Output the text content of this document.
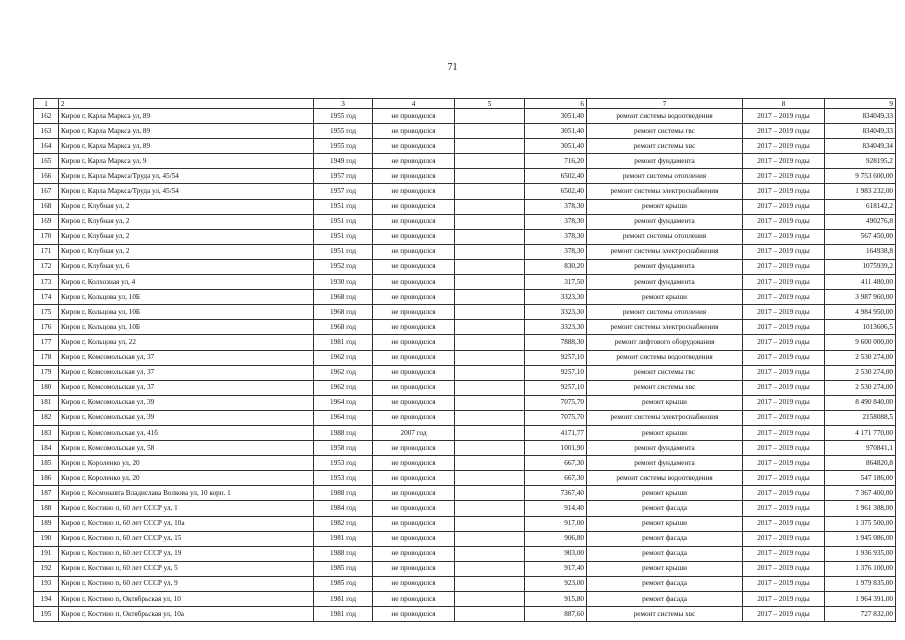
71
1	2	3	4	5	6	7	8	9
162	Киров г, Карла Маркса ул, 89	1955 год	не проводился		3051,40	ремонт системы водоотведения	2017 – 2019 годы	834049,33
163	Киров г, Карла Маркса ул, 89	1955 год	не проводился		3051,40	ремонт системы гвс	2017 – 2019 годы	834049,33
164	Киров г, Карла Маркса ул, 89	1955 год	не проводился		3051,40	ремонт системы хвс	2017 – 2019 годы	834049,34
165	Киров г, Карла Маркса ул, 9	1949 год	не проводился		716,20	ремонт фундамента	2017 – 2019 годы	928195,2
166	Киров г, Карла Маркса/Труда ул, 45/54	1957 год	не проводился		6502,40	ремонт системы отопления	2017 – 2019 годы	9 753 600,00
167	Киров г, Карла Маркса/Труда ул, 45/54	1957 год	не проводился		6502,40	ремонт системы электроснабжения	2017 – 2019 годы	1 983 232,00
168	Киров г, Клубная ул, 2	1951 год	не проводился		378,30	ремонт крыши	2017 – 2019 годы	618142,2
169	Киров г, Клубная ул, 2	1951 год	не проводился		378,30	ремонт фундамента	2017 – 2019 годы	490276,8
170	Киров г, Клубная ул, 2	1951 год	не проводился		378,30	ремонт системы отопления	2017 – 2019 годы	567 450,00
171	Киров г, Клубная ул, 2	1951 год	не проводился		378,30	ремонт системы электроснабжения	2017 – 2019 годы	164938,8
172	Киров г, Клубная ул, 6	1952 год	не проводился		830,20	ремонт фундамента	2017 – 2019 годы	1075939,2
173	Киров г, Колхозная ул, 4	1930 год	не проводился		317,50	ремонт фундамента	2017 – 2019 годы	411 480,00
174	Киров г, Кольцова ул, 10Б	1968 год	не проводился		3323,30	ремонт крыши	2017 – 2019 годы	3 987 960,00
175	Киров г, Кольцова ул, 10Б	1968 год	не проводился		3323,30	ремонт системы отопления	2017 – 2019 годы	4 984 950,00
176	Киров г, Кольцова ул, 10Б	1968 год	не проводился		3323,30	ремонт системы электроснабжения	2017 – 2019 годы	1013606,5
177	Киров г, Кольцова ул, 22	1981 год	не проводился		7888,30	ремонт лифтового оборудования	2017 – 2019 годы	9 600 000,00
178	Киров г, Комсомольская ул, 37	1962 год	не проводился		9257,10	ремонт системы водоотведения	2017 – 2019 годы	2 530 274,00
179	Киров г, Комсомольская ул, 37	1962 год	не проводился		9257,10	ремонт системы гвс	2017 – 2019 годы	2 530 274,00
180	Киров г, Комсомольская ул, 37	1962 год	не проводился		9257,10	ремонт системы хвс	2017 – 2019 годы	2 530 274,00
181	Киров г, Комсомольская ул, 39	1964 год	не проводился		7075,70	ремонт крыши	2017 – 2019 годы	8 490 840,00
182	Киров г, Комсомольская ул, 39	1964 год	не проводился		7075,70	ремонт системы электроснабжения	2017 – 2019 годы	2158088,5
183	Киров г, Комсомольская ул, 41б	1988 год	2007 год		4171,77	ремонт крыши	2017 – 2019 годы	4 171 770,00
184	Киров г, Комсомольская ул, 58	1958 год	не проводился		1001,90	ремонт фундамента	2017 – 2019 годы	970841,1
185	Киров г, Короленко ул, 20	1953 год	не проводился		667,30	ремонт фундамента	2017 – 2019 годы	864820,8
186	Киров г, Короленко ул, 20	1953 год	не проводился		667,30	ремонт системы водоотведения	2017 – 2019 годы	547 186,00
187	Киров г, Космонавта Владислава Волкова ул, 10 корп. 1	1988 год	не проводился		7367,40	ремонт крыши	2017 – 2019 годы	7 367 400,00
188	Киров г, Костино п, 60 лет СССР ул, 1	1984 год	не проводился		914,40	ремонт фасада	2017 – 2019 годы	1 961 388,00
189	Киров г, Костино п, 60 лет СССР ул, 10а	1982 год	не проводился		917,00	ремонт крыши	2017 – 2019 годы	1 375 500,00
190	Киров г, Костино п, 60 лет СССР ул, 15	1981 год	не проводился		906,80	ремонт фасада	2017 – 2019 годы	1 945 086,00
191	Киров г, Костино п, 60 лет СССР ул, 19	1988 год	не проводился		903,00	ремонт фасада	2017 – 2019 годы	1 936 935,00
192	Киров г, Костино п, 60 лет СССР ул, 5	1985 год	не проводился		917,40	ремонт крыши	2017 – 2019 годы	1 376 100,00
193	Киров г, Костино п, 60 лет СССР ул, 9	1985 год	не проводился		923,00	ремонт фасада	2017 – 2019 годы	1 979 835,00
194	Киров г, Костино п, Октябрьская ул, 10	1981 год	не проводился		915,80	ремонт фасада	2017 – 2019 годы	1 964 391,00
195	Киров г, Костино п, Октябрьская ул, 10а	1981 год	не проводился		887,60	ремонт системы хвс	2017 – 2019 годы	727 832,00
